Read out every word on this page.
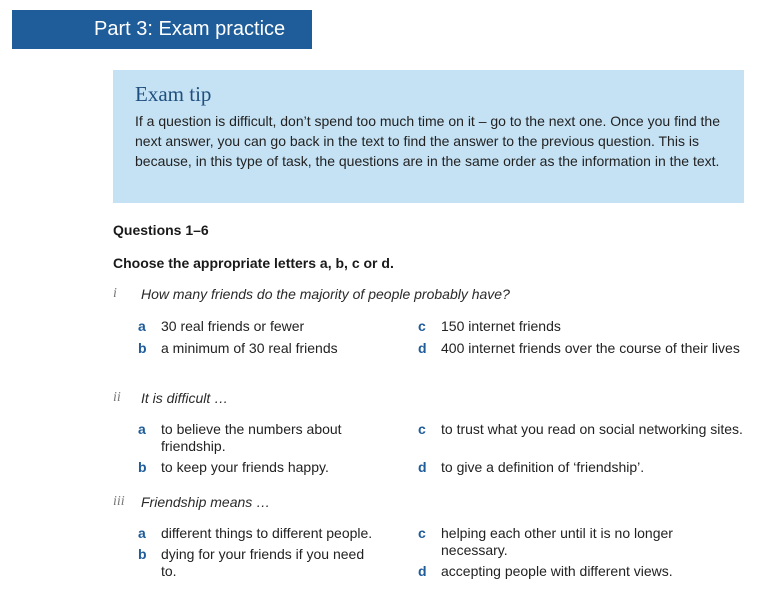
Part 3: Exam practice

Exam tip

If a question is difficult, don’t spend too much time on it – go to the next one. Once you find the next answer, you can go back in the text to find the answer to the previous question. This is because, in this type of task, the questions are in the same order as the information in the text.

Questions 1–6

Choose the appropriate letters a, b, c or d.

i How many friends do the majority of people probably have?
a 30 real friends or fewer
b a minimum of 30 real friends
c 150 internet friends
d 400 internet friends over the course of their lives
ii It is difficult …
a to believe the numbers about friendship.
b to keep your friends happy.
c to trust what you read on social networking sites.
d to give a definition of ‘friendship’.
iii Friendship means …
a different things to different people.
b dying for your friends if you need to.
c helping each other until it is no longer necessary.
d accepting people with different views.
